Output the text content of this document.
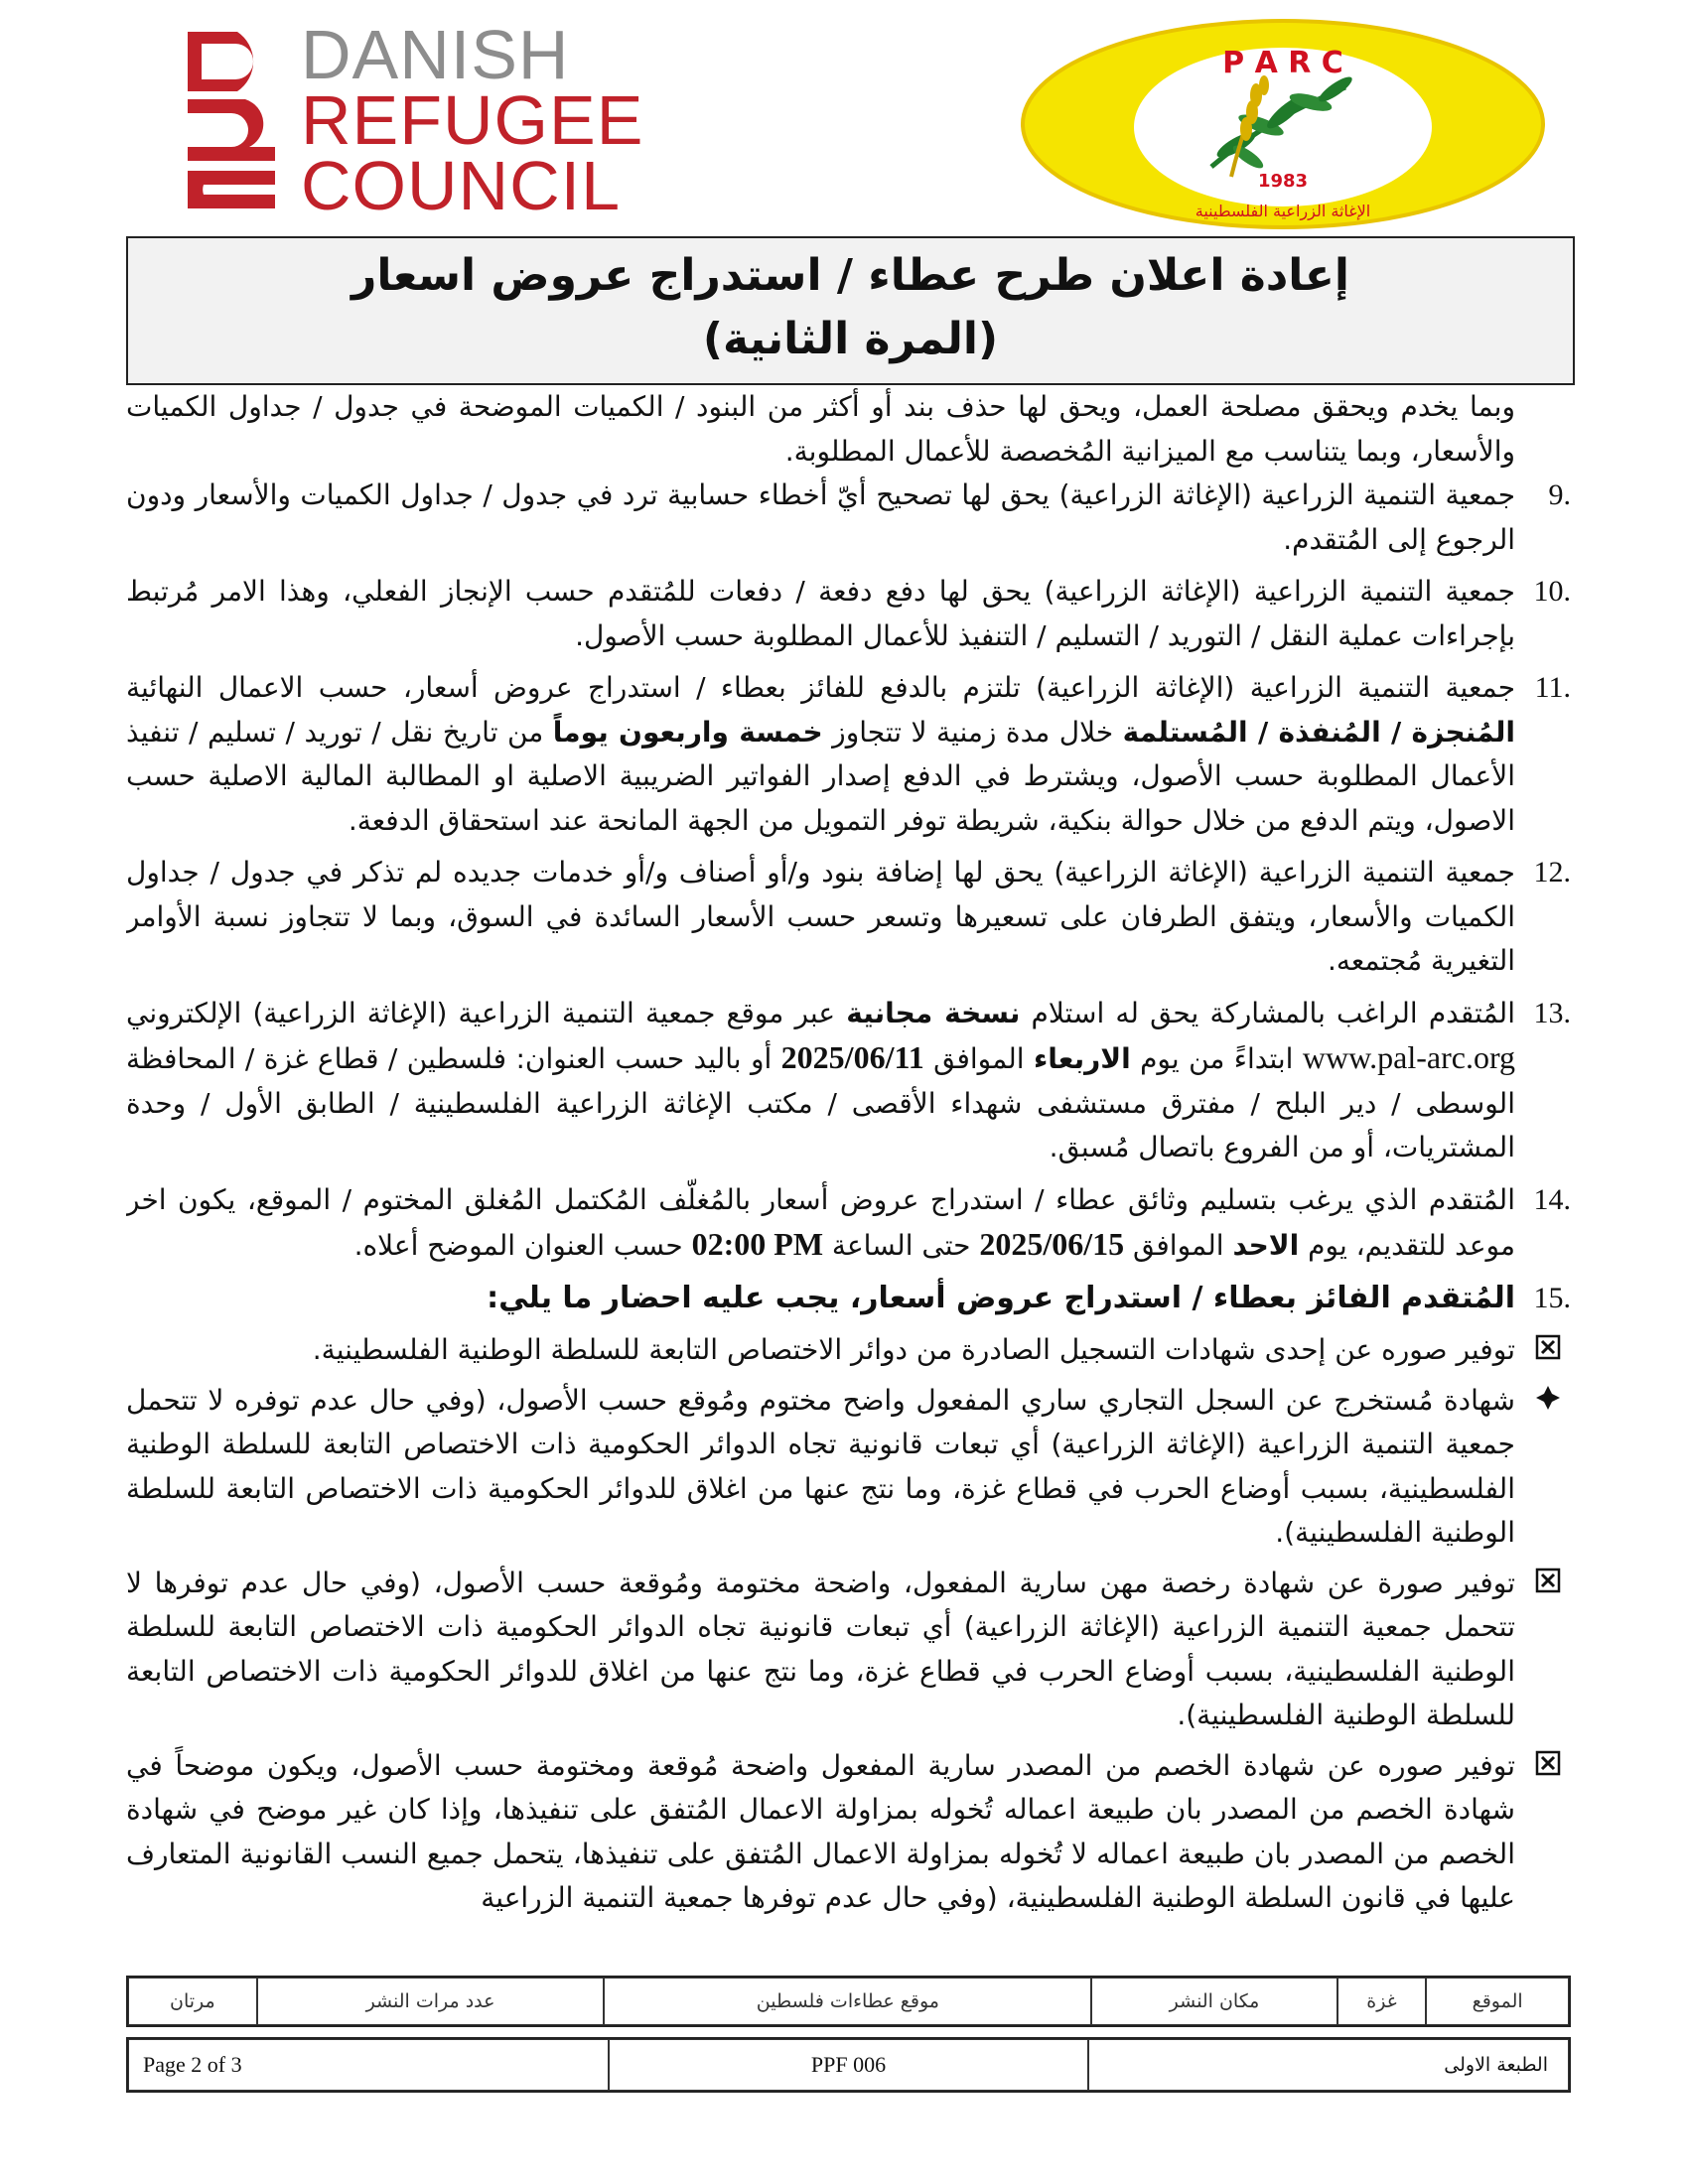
DANISH
REFUGEE
COUNCIL
P A R C
1983
الإغاثة الزراعية الفلسطينية
إعادة اعلان طرح عطاء / استدراج عروض اسعار
(المرة الثانية)

وبما يخدم ويحقق مصلحة العمل، ويحق لها حذف بند أو أكثر من البنود / الكميات الموضحة في جدول / جداول الكميات والأسعار، وبما يتناسب مع الميزانية المُخصصة للأعمال المطلوبة.

9.

جمعية التنمية الزراعية (الإغاثة الزراعية) يحق لها تصحيح أيّ أخطاء حسابية ترد في جدول / جداول الكميات والأسعار ودون الرجوع إلى المُتقدم.

10.

جمعية التنمية الزراعية (الإغاثة الزراعية) يحق لها دفع دفعة / دفعات للمُتقدم حسب الإنجاز الفعلي، وهذا الامر مُرتبط بإجراءات عملية النقل / التوريد / التسليم / التنفيذ للأعمال المطلوبة حسب الأصول.

11.

جمعية التنمية الزراعية (الإغاثة الزراعية) تلتزم بالدفع للفائز بعطاء / استدراج عروض أسعار، حسب الاعمال النهائية المُنجزة / المُنفذة / المُستلمة خلال مدة زمنية لا تتجاوز خمسة واربعون يوماً من تاريخ نقل / توريد / تسليم / تنفيذ الأعمال المطلوبة حسب الأصول، ويشترط في الدفع إصدار الفواتير الضريبية الاصلية او المطالبة المالية الاصلية حسب الاصول، ويتم الدفع من خلال حوالة بنكية، شريطة توفر التمويل من الجهة المانحة عند استحقاق الدفعة.

12.

جمعية التنمية الزراعية (الإغاثة الزراعية) يحق لها إضافة بنود و/أو أصناف و/أو خدمات جديده لم تذكر في جدول / جداول الكميات والأسعار، ويتفق الطرفان على تسعيرها وتسعر حسب الأسعار السائدة في السوق، وبما لا تتجاوز نسبة الأوامر التغيرية مُجتمعه.

13.

المُتقدم الراغب بالمشاركة يحق له استلام نسخة مجانية عبر موقع جمعية التنمية الزراعية (الإغاثة الزراعية) الإلكتروني www.pal-arc.org ابتداءً من يوم الاربعاء الموافق 2025/06/11 أو باليد حسب العنوان: فلسطين / قطاع غزة / المحافظة الوسطى / دير البلح / مفترق مستشفى شهداء الأقصى / مكتب الإغاثة الزراعية الفلسطينية / الطابق الأول / وحدة المشتريات، أو من الفروع باتصال مُسبق.

14.

المُتقدم الذي يرغب بتسليم وثائق عطاء / استدراج عروض أسعار بالمُغلّف المُكتمل المُغلق المختوم / الموقع، يكون اخر موعد للتقديم، يوم الاحد الموافق 2025/06/15 حتى الساعة 02:00 PM حسب العنوان الموضح أعلاه.

15.

المُتقدم الفائز بعطاء / استدراج عروض أسعار، يجب عليه احضار ما يلي:

توفير صوره عن إحدى شهادات التسجيل الصادرة من دوائر الاختصاص التابعة للسلطة الوطنية الفلسطينية.

شهادة مُستخرج عن السجل التجاري ساري المفعول واضح مختوم ومُوقع حسب الأصول، (وفي حال عدم توفره لا تتحمل جمعية التنمية الزراعية (الإغاثة الزراعية) أي تبعات قانونية تجاه الدوائر الحكومية ذات الاختصاص التابعة للسلطة الوطنية الفلسطينية، بسبب أوضاع الحرب في قطاع غزة، وما نتج عنها من اغلاق للدوائر الحكومية ذات الاختصاص التابعة للسلطة الوطنية الفلسطينية).

توفير صورة عن شهادة رخصة مهن سارية المفعول، واضحة مختومة ومُوقعة حسب الأصول، (وفي حال عدم توفرها لا تتحمل جمعية التنمية الزراعية (الإغاثة الزراعية) أي تبعات قانونية تجاه الدوائر الحكومية ذات الاختصاص التابعة للسلطة الوطنية الفلسطينية، بسبب أوضاع الحرب في قطاع غزة، وما نتج عنها من اغلاق للدوائر الحكومية ذات الاختصاص التابعة للسلطة الوطنية الفلسطينية).

توفير صوره عن شهادة الخصم من المصدر سارية المفعول واضحة مُوقعة ومختومة حسب الأصول، ويكون موضحاً في شهادة الخصم من المصدر بان طبيعة اعماله تُخوله بمزاولة الاعمال المُتفق على تنفيذها، وإذا كان غير موضح في شهادة الخصم من المصدر بان طبيعة اعماله لا تُخوله بمزاولة الاعمال المُتفق على تنفيذها، يتحمل جميع النسب القانونية المتعارف عليها في قانون السلطة الوطنية الفلسطينية، (وفي حال عدم توفرها جمعية التنمية الزراعية

الموقع	غزة	مكان النشر	موقع عطاءات فلسطين	عدد مرات النشر	مرتان
الطبعة الاولى	PPF 006	Page 2 of 3
